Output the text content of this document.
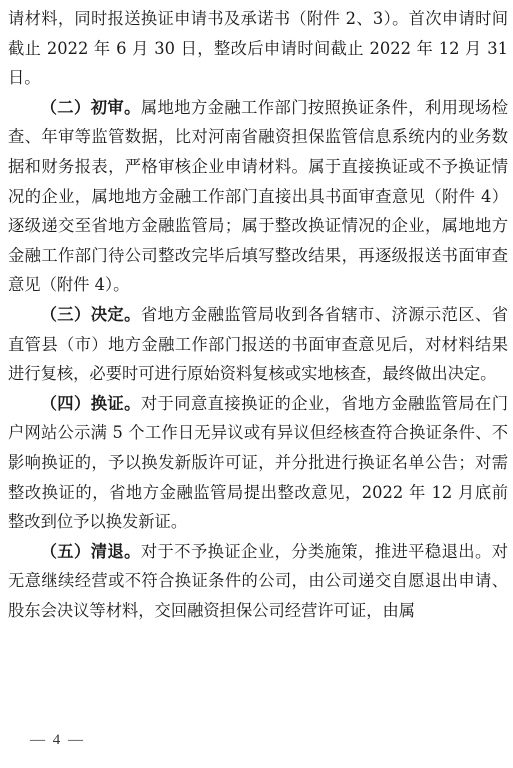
请材料，同时报送换证申请书及承诺书（附件 2、3）。首次申请时间截止 2022 年 6 月 30 日，整改后申请时间截止 2022 年 12 月 31 日。

（二）初审。属地地方金融工作部门按照换证条件，利用现场检查、年审等监管数据，比对河南省融资担保监管信息系统内的业务数据和财务报表，严格审核企业申请材料。属于直接换证或不予换证情况的企业，属地地方金融工作部门直接出具书面审查意见（附件 4）逐级递交至省地方金融监管局；属于整改换证情况的企业，属地地方金融工作部门待公司整改完毕后填写整改结果，再逐级报送书面审查意见（附件 4）。

（三）决定。省地方金融监管局收到各省辖市、济源示范区、省直管县（市）地方金融工作部门报送的书面审查意见后，对材料结果进行复核，必要时可进行原始资料复核或实地核查，最终做出决定。

（四）换证。对于同意直接换证的企业，省地方金融监管局在门户网站公示满 5 个工作日无异议或有异议但经核查符合换证条件、不影响换证的，予以换发新版许可证，并分批进行换证名单公告；对需整改换证的，省地方金融监管局提出整改意见，2022 年 12 月底前整改到位予以换发新证。

（五）清退。对于不予换证企业，分类施策，推进平稳退出。对无意继续经营或不符合换证条件的公司，由公司递交自愿退出申请、股东会决议等材料，交回融资担保公司经营许可证，由属

— 4 —
